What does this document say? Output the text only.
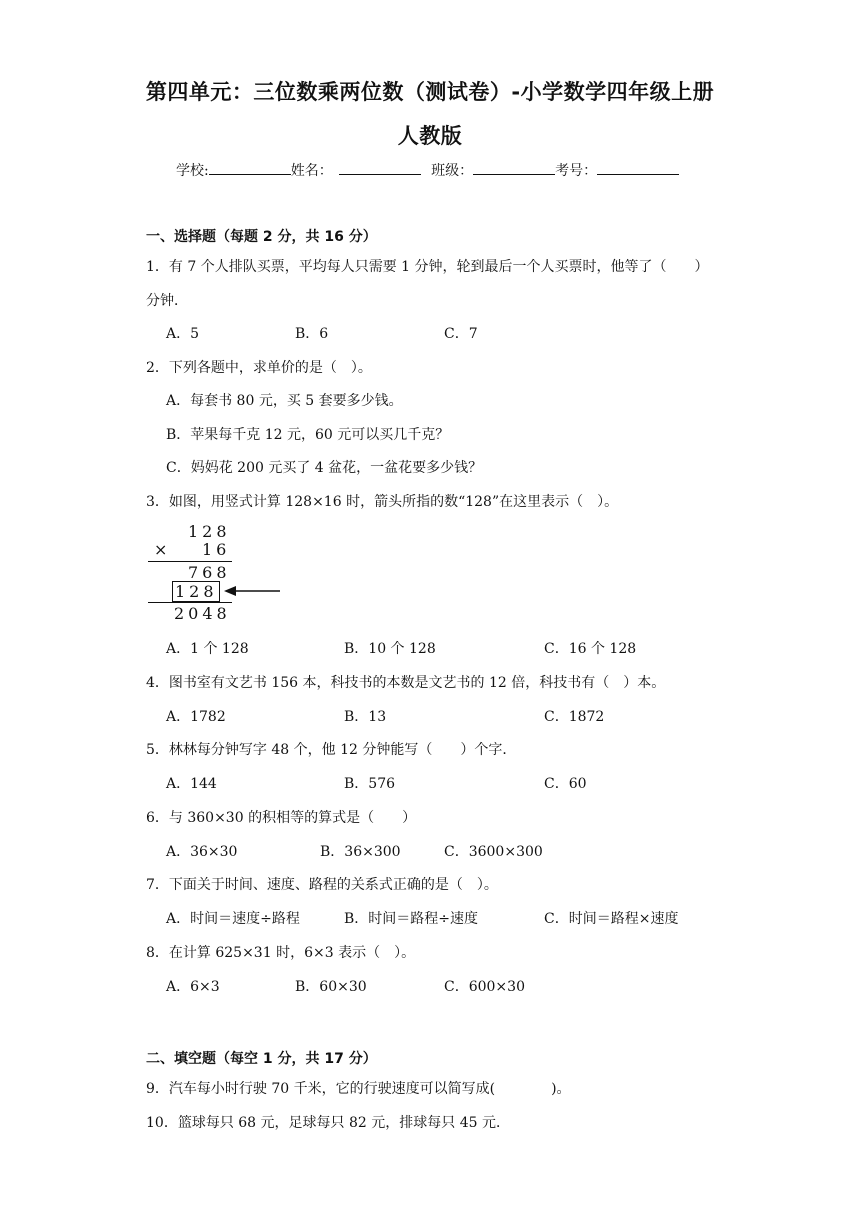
第四单元：三位数乘两位数（测试卷）-小学数学四年级上册
人教版
学校:	姓名：	班级：	考号：
一、选择题（每题 2 分，共 16 分）
1．有 7 个人排队买票，平均每人只需要 1 分钟，轮到最后一个人买票时，他等了（　　）
分钟．
A．5	B．6	C．7
2．下列各题中，求单价的是（　）。
A．每套书 80 元，买 5 套要多少钱。
B．苹果每千克 12 元，60 元可以买几千克？
C．妈妈花 200 元买了 4 盆花，一盆花要多少钱？
3．如图，用竖式计算 128×16 时，箭头所指的数“128”在这里表示（　）。
128
× 16
768
128
2048
A．1 个 128	B．10 个 128	C．16 个 128
4．图书室有文艺书 156 本，科技书的本数是文艺书的 12 倍，科技书有（　）本。
A．1782	B．13	C．1872
5．林林每分钟写字 48 个，他 12 分钟能写（　　）个字．
A．144	B．576	C．60
6．与 360×30 的积相等的算式是（　　）
A．36×30	B．36×300	C．3600×300
7．下面关于时间、速度、路程的关系式正确的是（　）。
A．时间＝速度÷路程	B．时间＝路程÷速度	C．时间＝路程×速度
8．在计算 625×31 时，6×3 表示（　）。
A．6×3	B．60×30	C．600×30
二、填空题（每空 1 分，共 17 分）
9．汽车每小时行驶 70 千米，它的行驶速度可以简写成(　　　　)。
10．篮球每只 68 元，足球每只 82 元，排球每只 45 元．
